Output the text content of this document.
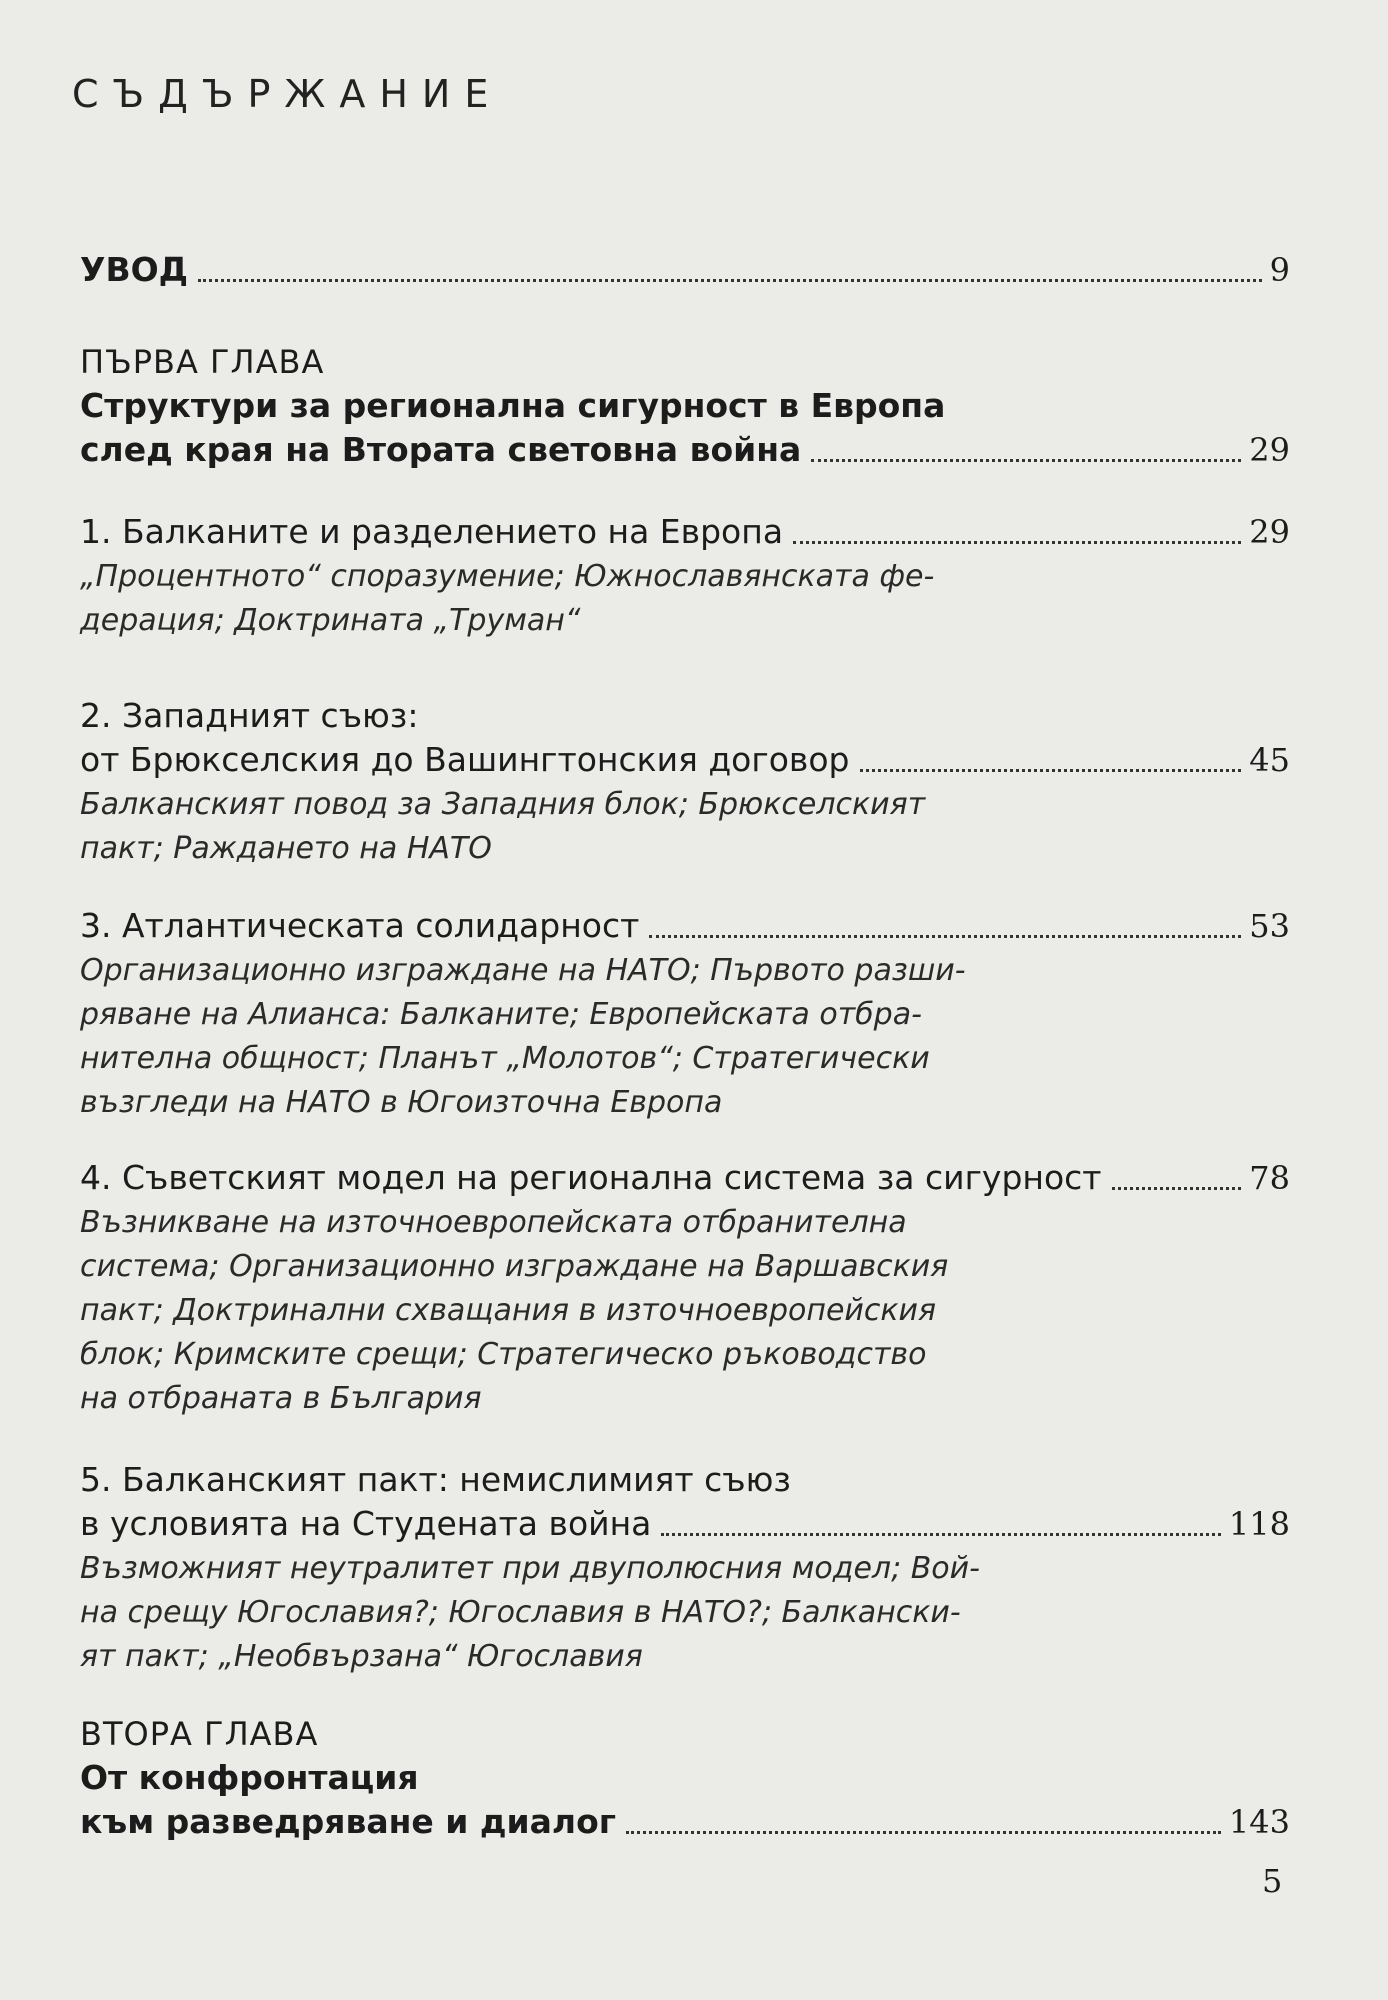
СЪДЪРЖАНИЕ
УВОД	9
ПЪРВА ГЛАВА
Структури за регионална сигурност в Европа
след края на Втората световна война	29
1. Балканите и разделението на Европа	29
„Процентното“ споразумение; Южнославянската фе-
дерация; Доктрината „Труман“
2. Западният съюз:
от Брюкселския до Вашингтонския договор	45
Балканският повод за Западния блок; Брюкселският
пакт; Раждането на НАТО
3. Атлантическата солидарност	53
Организационно изграждане на НАТО; Първото разши-
ряване на Алианса: Балканите; Европейската отбра-
нителна общност; Планът „Молотов“; Стратегически
възгледи на НАТО в Югоизточна Европа
4. Съветският модел на регионална система за сигурност	78
Възникване на източноевропейската отбранителна
система; Организационно изграждане на Варшавския
пакт; Доктринални схващания в източноевропейския
блок; Кримските срещи; Стратегическо ръководство
на отбраната в България
5. Балканският пакт: немислимият съюз
в условията на Студената война	118
Възможният неутралитет при двуполюсния модел; Вой-
на срещу Югославия?; Югославия в НАТО?; Балкански-
ят пакт; „Необвързана“ Югославия
ВТОРА ГЛАВА
От конфронтация
към разведряване и диалог	143
5
